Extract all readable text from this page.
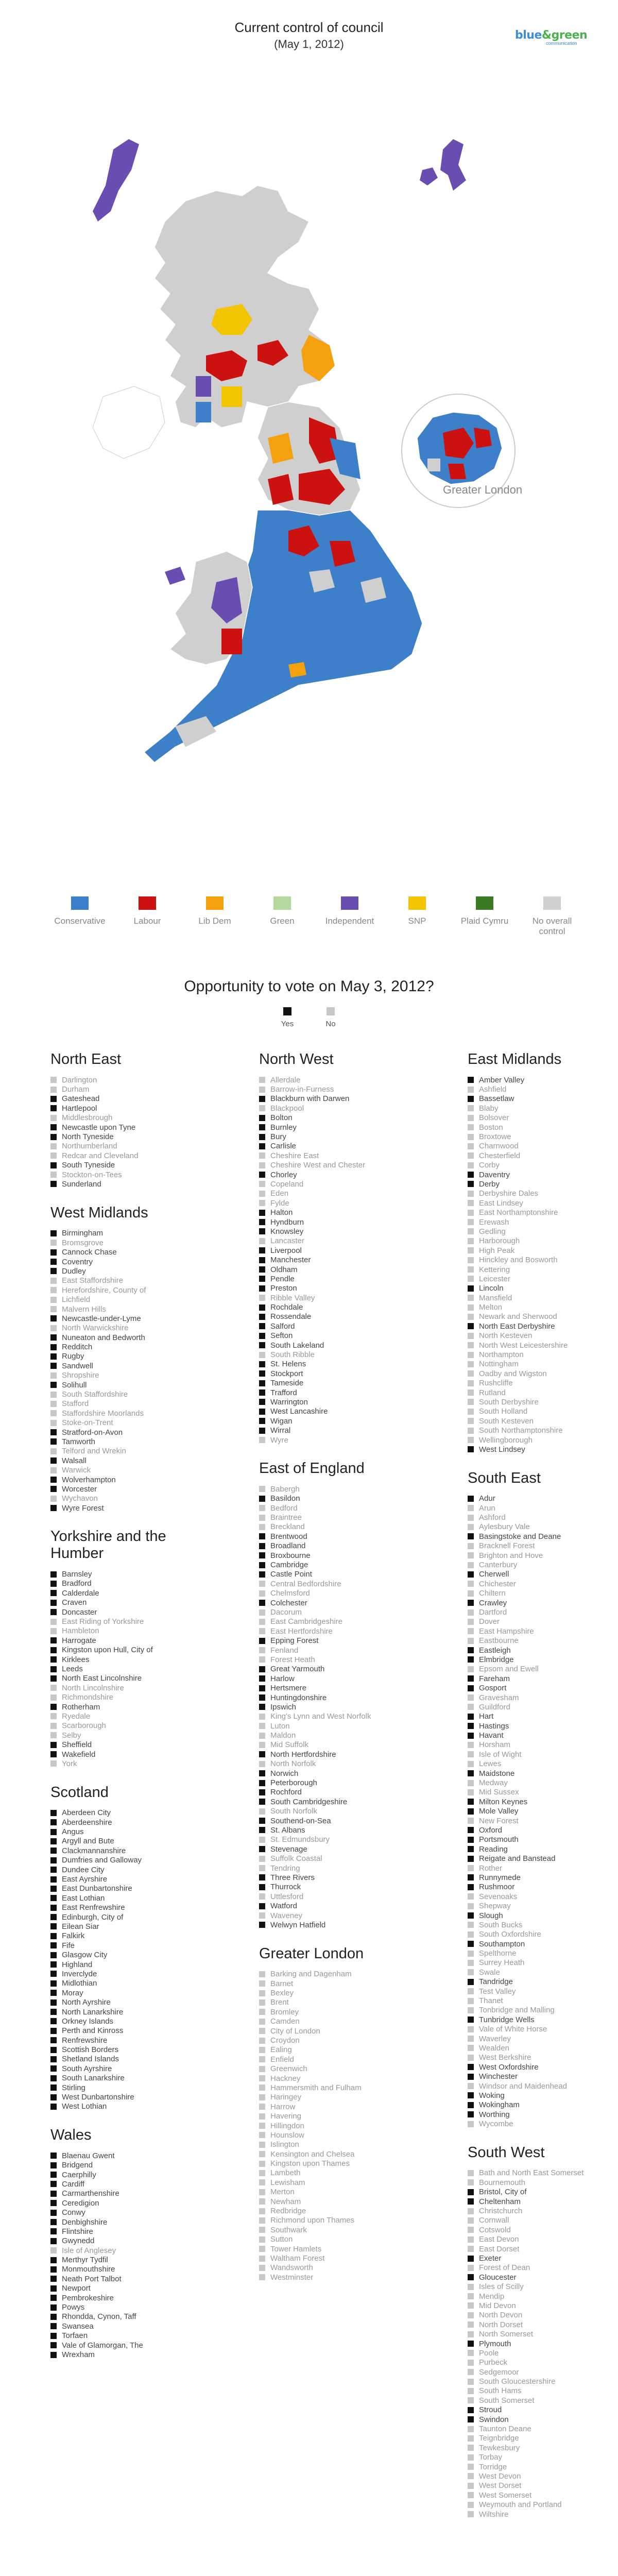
Current control of council
(May 1, 2012)
blue&green
communication
Greater London
Conservative	Labour	Lib Dem	Green	Independent	SNP	Plaid Cymru	No overall control
Opportunity to vote on May 3, 2012?
Yes	No
North East
Darlington
Durham
Gateshead
Hartlepool
Middlesbrough
Newcastle upon Tyne
North Tyneside
Northumberland
Redcar and Cleveland
South Tyneside
Stockton-on-Tees
Sunderland
West Midlands
Birmingham
Bromsgrove
Cannock Chase
Coventry
Dudley
East Staffordshire
Herefordshire, County of
Lichfield
Malvern Hills
Newcastle-under-Lyme
North Warwickshire
Nuneaton and Bedworth
Redditch
Rugby
Sandwell
Shropshire
Solihull
South Staffordshire
Stafford
Staffordshire Moorlands
Stoke-on-Trent
Stratford-on-Avon
Tamworth
Telford and Wrekin
Walsall
Warwick
Wolverhampton
Worcester
Wychavon
Wyre Forest
Yorkshire and the Humber
Barnsley
Bradford
Calderdale
Craven
Doncaster
East Riding of Yorkshire
Hambleton
Harrogate
Kingston upon Hull, City of
Kirklees
Leeds
North East Lincolnshire
North Lincolnshire
Richmondshire
Rotherham
Ryedale
Scarborough
Selby
Sheffield
Wakefield
York
Scotland
Aberdeen City
Aberdeenshire
Angus
Argyll and Bute
Clackmannanshire
Dumfries and Galloway
Dundee City
East Ayrshire
East Dunbartonshire
East Lothian
East Renfrewshire
Edinburgh, City of
Eilean Siar
Falkirk
Fife
Glasgow City
Highland
Inverclyde
Midlothian
Moray
North Ayrshire
North Lanarkshire
Orkney Islands
Perth and Kinross
Renfrewshire
Scottish Borders
Shetland Islands
South Ayrshire
South Lanarkshire
Stirling
West Dunbartonshire
West Lothian
Wales
Blaenau Gwent
Bridgend
Caerphilly
Cardiff
Carmarthenshire
Ceredigion
Conwy
Denbighshire
Flintshire
Gwynedd
Isle of Anglesey
Merthyr Tydfil
Monmouthshire
Neath Port Talbot
Newport
Pembrokeshire
Powys
Rhondda, Cynon, Taff
Swansea
Torfaen
Vale of Glamorgan, The
Wrexham
North West
Allerdale
Barrow-in-Furness
Blackburn with Darwen
Blackpool
Bolton
Burnley
Bury
Carlisle
Cheshire East
Cheshire West and Chester
Chorley
Copeland
Eden
Fylde
Halton
Hyndburn
Knowsley
Lancaster
Liverpool
Manchester
Oldham
Pendle
Preston
Ribble Valley
Rochdale
Rossendale
Salford
Sefton
South Lakeland
South Ribble
St. Helens
Stockport
Tameside
Trafford
Warrington
West Lancashire
Wigan
Wirral
Wyre
East of England
Babergh
Basildon
Bedford
Braintree
Breckland
Brentwood
Broadland
Broxbourne
Cambridge
Castle Point
Central Bedfordshire
Chelmsford
Colchester
Dacorum
East Cambridgeshire
East Hertfordshire
Epping Forest
Fenland
Forest Heath
Great Yarmouth
Harlow
Hertsmere
Huntingdonshire
Ipswich
King's Lynn and West Norfolk
Luton
Maldon
Mid Suffolk
North Hertfordshire
North Norfolk
Norwich
Peterborough
Rochford
South Cambridgeshire
South Norfolk
Southend-on-Sea
St. Albans
St. Edmundsbury
Stevenage
Suffolk Coastal
Tendring
Three Rivers
Thurrock
Uttlesford
Watford
Waveney
Welwyn Hatfield
Greater London
Barking and Dagenham
Barnet
Bexley
Brent
Bromley
Camden
City of London
Croydon
Ealing
Enfield
Greenwich
Hackney
Hammersmith and Fulham
Haringey
Harrow
Havering
Hillingdon
Hounslow
Islington
Kensington and Chelsea
Kingston upon Thames
Lambeth
Lewisham
Merton
Newham
Redbridge
Richmond upon Thames
Southwark
Sutton
Tower Hamlets
Waltham Forest
Wandsworth
Westminster
East Midlands
Amber Valley
Ashfield
Bassetlaw
Blaby
Bolsover
Boston
Broxtowe
Charnwood
Chesterfield
Corby
Daventry
Derby
Derbyshire Dales
East Lindsey
East Northamptonshire
Erewash
Gedling
Harborough
High Peak
Hinckley and Bosworth
Kettering
Leicester
Lincoln
Mansfield
Melton
Newark and Sherwood
North East Derbyshire
North Kesteven
North West Leicestershire
Northampton
Nottingham
Oadby and Wigston
Rushcliffe
Rutland
South Derbyshire
South Holland
South Kesteven
South Northamptonshire
Wellingborough
West Lindsey
South East
Adur
Arun
Ashford
Aylesbury Vale
Basingstoke and Deane
Bracknell Forest
Brighton and Hove
Canterbury
Cherwell
Chichester
Chiltern
Crawley
Dartford
Dover
East Hampshire
Eastbourne
Eastleigh
Elmbridge
Epsom and Ewell
Fareham
Gosport
Gravesham
Guildford
Hart
Hastings
Havant
Horsham
Isle of Wight
Lewes
Maidstone
Medway
Mid Sussex
Milton Keynes
Mole Valley
New Forest
Oxford
Portsmouth
Reading
Reigate and Banstead
Rother
Runnymede
Rushmoor
Sevenoaks
Shepway
Slough
South Bucks
South Oxfordshire
Southampton
Spelthorne
Surrey Heath
Swale
Tandridge
Test Valley
Thanet
Tonbridge and Malling
Tunbridge Wells
Vale of White Horse
Waverley
Wealden
West Berkshire
West Oxfordshire
Winchester
Windsor and Maidenhead
Woking
Wokingham
Worthing
Wycombe
South West
Bath and North East Somerset
Bournemouth
Bristol, City of
Cheltenham
Christchurch
Cornwall
Cotswold
East Devon
East Dorset
Exeter
Forest of Dean
Gloucester
Isles of Scilly
Mendip
Mid Devon
North Devon
North Dorset
North Somerset
Plymouth
Poole
Purbeck
Sedgemoor
South Gloucestershire
South Hams
South Somerset
Stroud
Swindon
Taunton Deane
Teignbridge
Tewkesbury
Torbay
Torridge
West Devon
West Dorset
West Somerset
Weymouth and Portland
Wiltshire
